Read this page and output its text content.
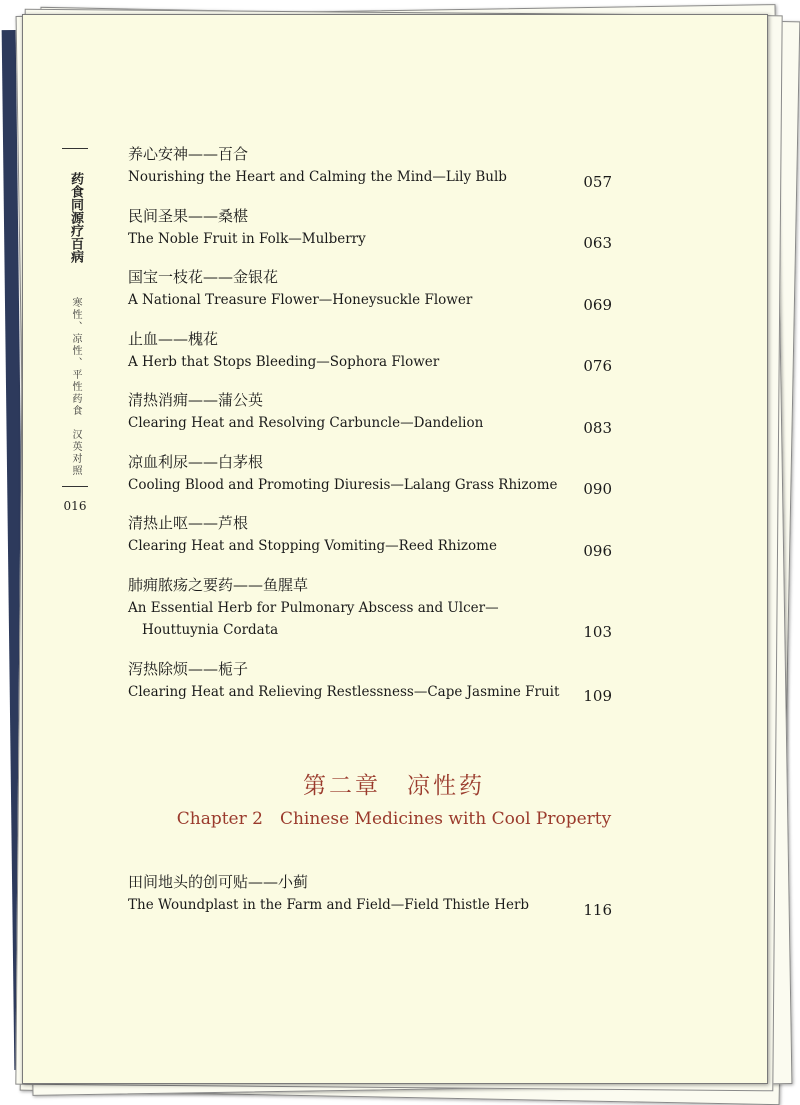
药食同源疗百病 寒性、凉性、平性药食　汉英对照
016
养心安神——百合
Nourishing the Heart and Calming the Mind—Lily Bulb	057
民间圣果——桑椹
The Noble Fruit in Folk—Mulberry	063
国宝一枝花——金银花
A National Treasure Flower—Honeysuckle Flower	069
止血——槐花
A Herb that Stops Bleeding—Sophora Flower	076
清热消痈——蒲公英
Clearing Heat and Resolving Carbuncle—Dandelion	083
凉血利尿——白茅根
Cooling Blood and Promoting Diuresis—Lalang Grass Rhizome	090
清热止呕——芦根
Clearing Heat and Stopping Vomiting—Reed Rhizome	096
肺痈脓疡之要药——鱼腥草
An Essential Herb for Pulmonary Abscess and Ulcer—
Houttuynia Cordata	103
泻热除烦——栀子
Clearing Heat and Relieving Restlessness—Cape Jasmine Fruit	109
第二章　凉性药
Chapter 2　Chinese Medicines with Cool Property
田间地头的创可贴——小蓟
The Woundplast in the Farm and Field—Field Thistle Herb	116
